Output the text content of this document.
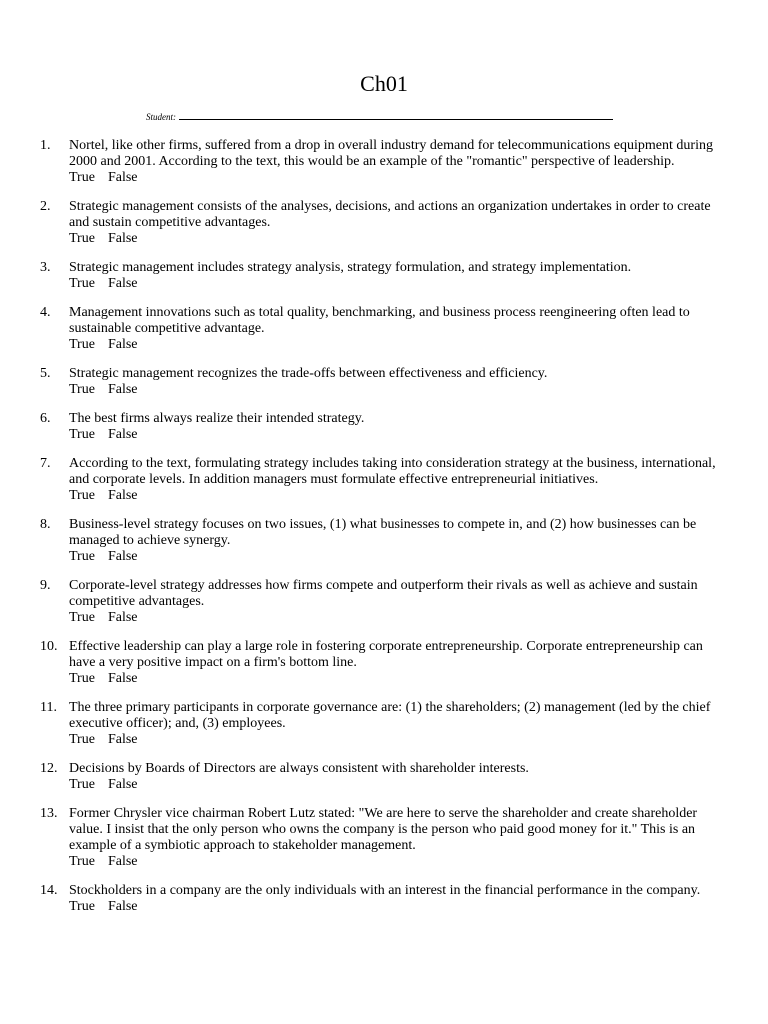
Ch01
Student:
1. Nortel, like other firms, suffered from a drop in overall industry demand for telecommunications equipment during 2000 and 2001. According to the text, this would be an example of the "romantic" perspective of leadership.
True False
2. Strategic management consists of the analyses, decisions, and actions an organization undertakes in order to create and sustain competitive advantages.
True False
3. Strategic management includes strategy analysis, strategy formulation, and strategy implementation.
True False
4. Management innovations such as total quality, benchmarking, and business process reengineering often lead to sustainable competitive advantage.
True False
5. Strategic management recognizes the trade-offs between effectiveness and efficiency.
True False
6. The best firms always realize their intended strategy.
True False
7. According to the text, formulating strategy includes taking into consideration strategy at the business, international, and corporate levels. In addition managers must formulate effective entrepreneurial initiatives.
True False
8. Business-level strategy focuses on two issues, (1) what businesses to compete in, and (2) how businesses can be managed to achieve synergy.
True False
9. Corporate-level strategy addresses how firms compete and outperform their rivals as well as achieve and sustain competitive advantages.
True False
10. Effective leadership can play a large role in fostering corporate entrepreneurship. Corporate entrepreneurship can have a very positive impact on a firm's bottom line.
True False
11. The three primary participants in corporate governance are: (1) the shareholders; (2) management (led by the chief executive officer); and, (3) employees.
True False
12. Decisions by Boards of Directors are always consistent with shareholder interests.
True False
13. Former Chrysler vice chairman Robert Lutz stated: "We are here to serve the shareholder and create shareholder value. I insist that the only person who owns the company is the person who paid good money for it." This is an example of a symbiotic approach to stakeholder management.
True False
14. Stockholders in a company are the only individuals with an interest in the financial performance in the company.
True False
